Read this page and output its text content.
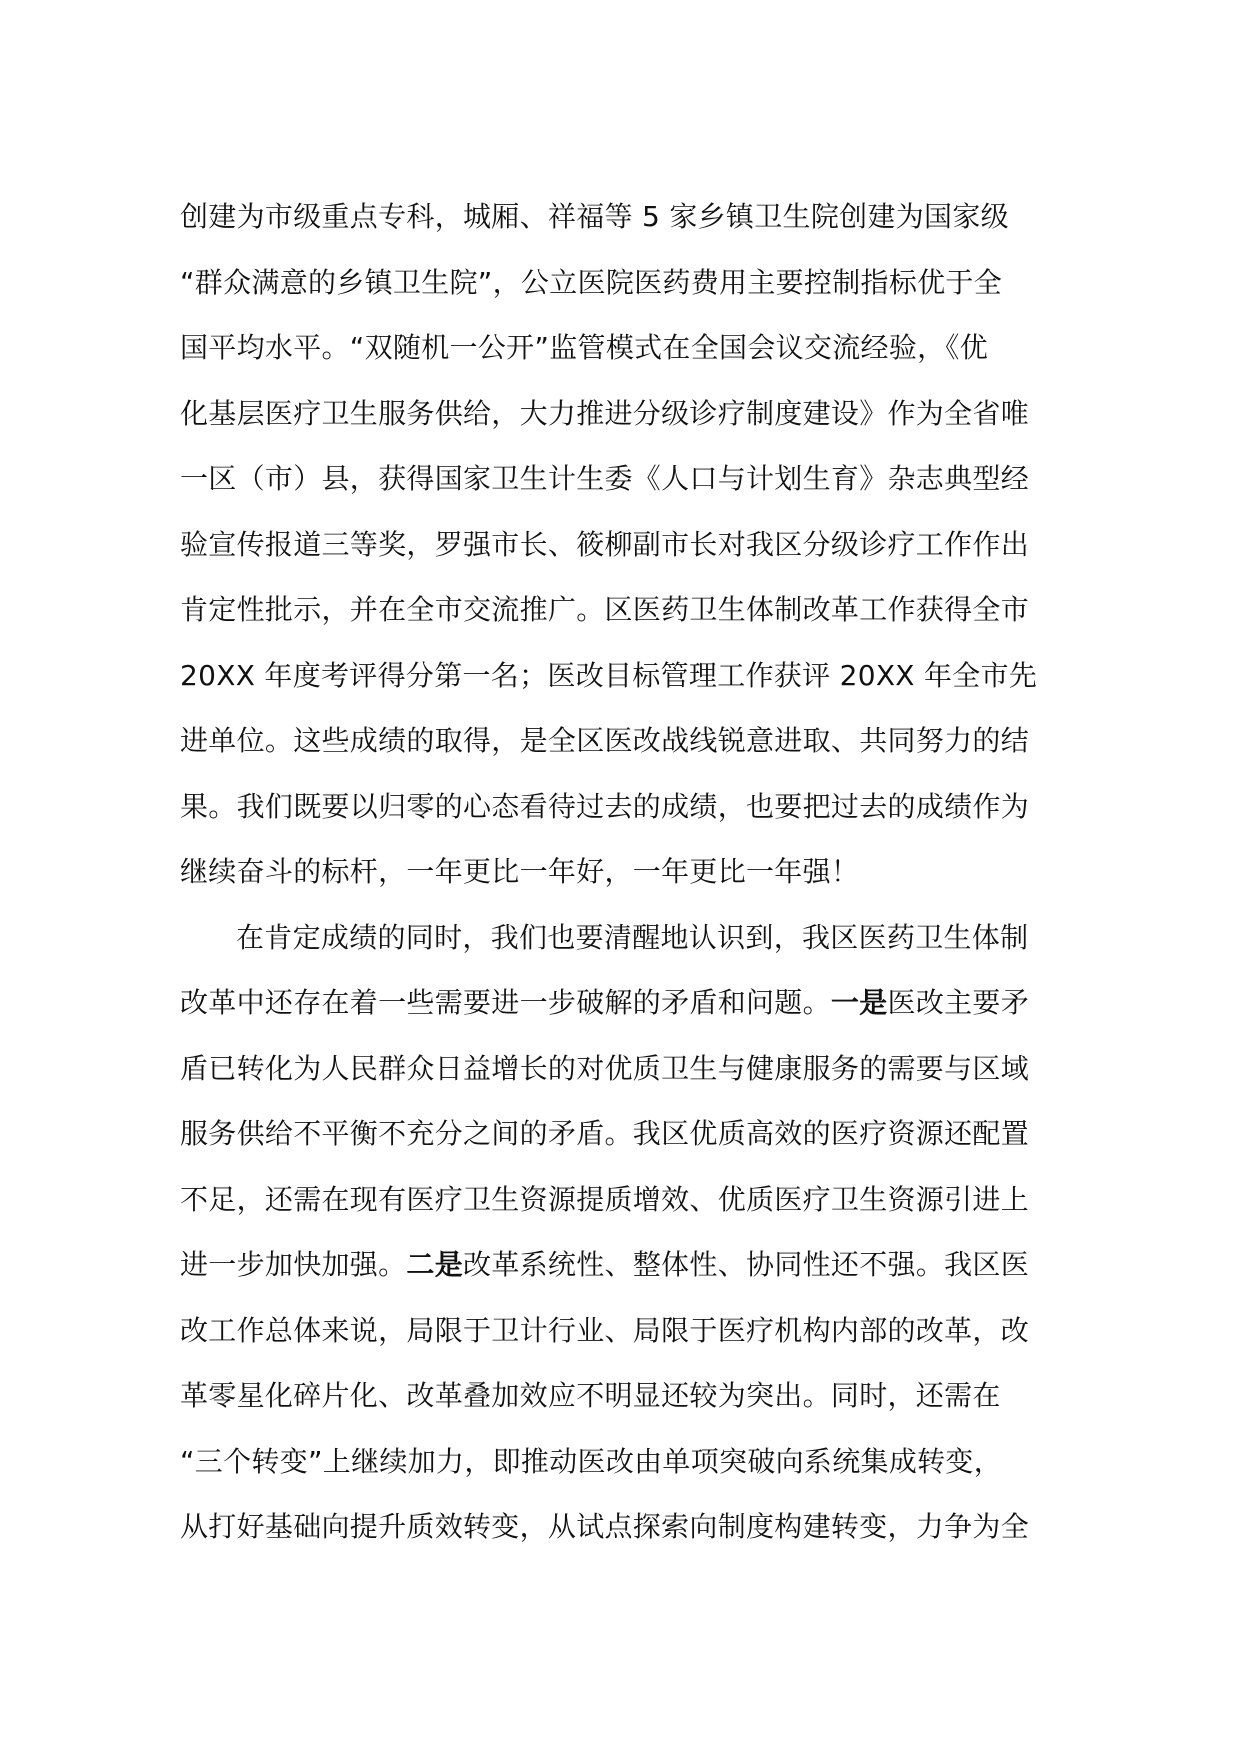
创建为市级重点专科，城厢、祥福等 5 家乡镇卫生院创建为国家级
“群众满意的乡镇卫生院”，公立医院医药费用主要控制指标优于全
国平均水平。“双随机一公开”监管模式在全国会议交流经验，《优
化基层医疗卫生服务供给，大力推进分级诊疗制度建设》作为全省唯
一区（市）县，获得国家卫生计生委《人口与计划生育》杂志典型经
验宣传报道三等奖，罗强市长、筱柳副市长对我区分级诊疗工作作出
肯定性批示，并在全市交流推广。区医药卫生体制改革工作获得全市
20XX 年度考评得分第一名；医改目标管理工作获评 20XX 年全市先
进单位。这些成绩的取得，是全区医改战线锐意进取、共同努力的结
果。我们既要以归零的心态看待过去的成绩，也要把过去的成绩作为
继续奋斗的标杆，一年更比一年好，一年更比一年强！
在肯定成绩的同时，我们也要清醒地认识到，我区医药卫生体制
改革中还存在着一些需要进一步破解的矛盾和问题。一是医改主要矛
盾已转化为人民群众日益增长的对优质卫生与健康服务的需要与区域
服务供给不平衡不充分之间的矛盾。我区优质高效的医疗资源还配置
不足，还需在现有医疗卫生资源提质增效、优质医疗卫生资源引进上
进一步加快加强。二是改革系统性、整体性、协同性还不强。我区医
改工作总体来说，局限于卫计行业、局限于医疗机构内部的改革，改
革零星化碎片化、改革叠加效应不明显还较为突出。同时，还需在
“三个转变”上继续加力，即推动医改由单项突破向系统集成转变，
从打好基础向提升质效转变，从试点探索向制度构建转变，力争为全
